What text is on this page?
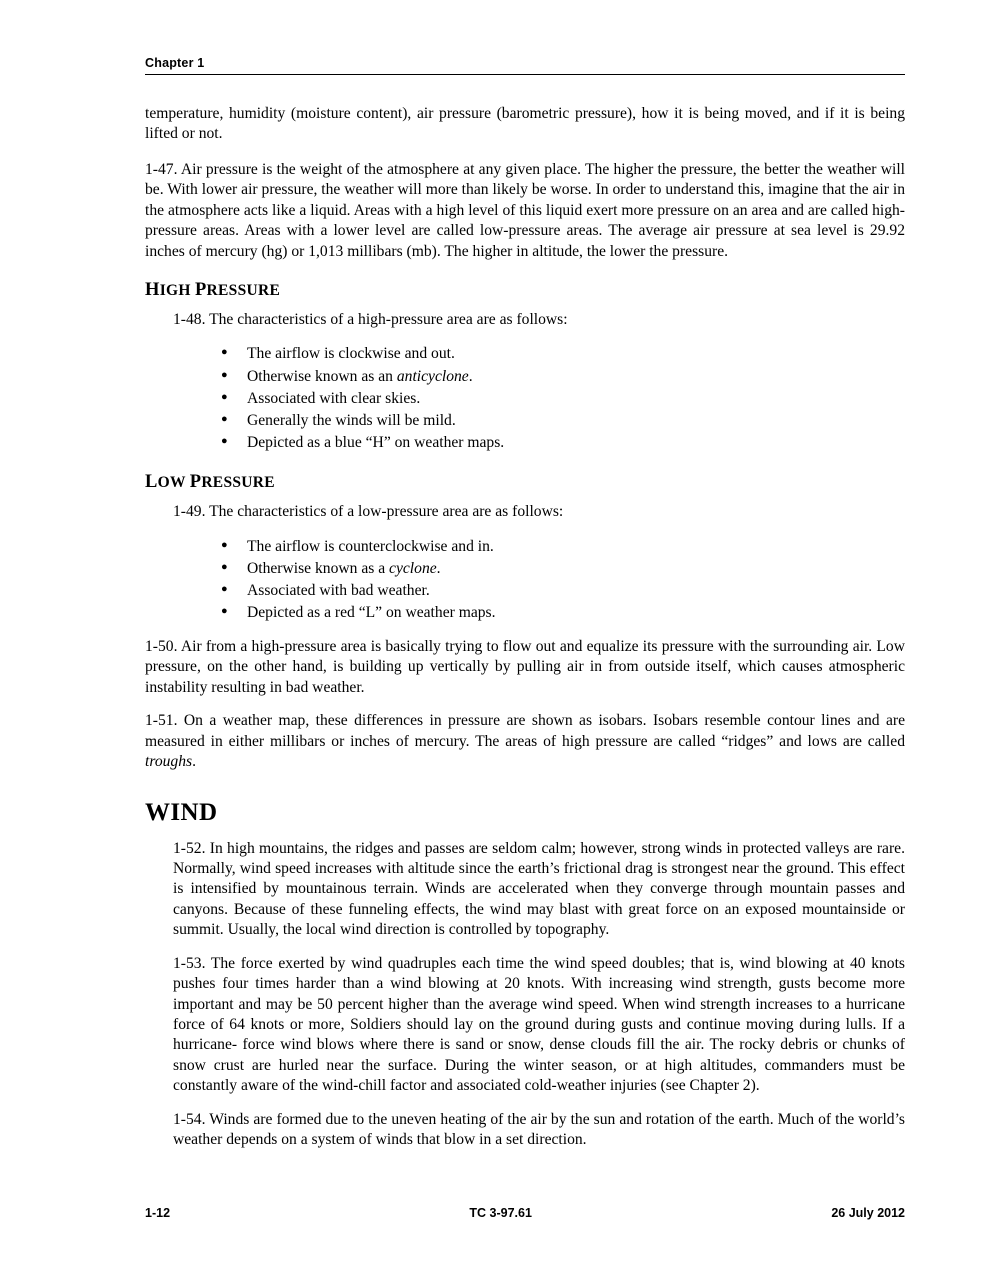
Chapter 1

temperature, humidity (moisture content), air pressure (barometric pressure), how it is being moved, and if it is being lifted or not.

1-47. Air pressure is the weight of the atmosphere at any given place. The higher the pressure, the better the weather will be. With lower air pressure, the weather will more than likely be worse. In order to understand this, imagine that the air in the atmosphere acts like a liquid. Areas with a high level of this liquid exert more pressure on an area and are called high-pressure areas. Areas with a lower level are called low-pressure areas. The average air pressure at sea level is 29.92 inches of mercury (hg) or 1,013 millibars (mb). The higher in altitude, the lower the pressure.

HIGH PRESSURE

1-48. The characteristics of a high-pressure area are as follows:

● The airflow is clockwise and out.
● Otherwise known as an anticyclone.
● Associated with clear skies.
● Generally the winds will be mild.
● Depicted as a blue “H” on weather maps.
LOW PRESSURE

1-49. The characteristics of a low-pressure area are as follows:

● The airflow is counterclockwise and in.
● Otherwise known as a cyclone.
● Associated with bad weather.
● Depicted as a red “L” on weather maps.

1-50. Air from a high-pressure area is basically trying to flow out and equalize its pressure with the surrounding air. Low pressure, on the other hand, is building up vertically by pulling air in from outside itself, which causes atmospheric instability resulting in bad weather.

1-51. On a weather map, these differences in pressure are shown as isobars. Isobars resemble contour lines and are measured in either millibars or inches of mercury. The areas of high pressure are called “ridges” and lows are called troughs.

WIND

1-52. In high mountains, the ridges and passes are seldom calm; however, strong winds in protected valleys are rare. Normally, wind speed increases with altitude since the earth’s frictional drag is strongest near the ground. This effect is intensified by mountainous terrain. Winds are accelerated when they converge through mountain passes and canyons. Because of these funneling effects, the wind may blast with great force on an exposed mountainside or summit. Usually, the local wind direction is controlled by topography.

1-53. The force exerted by wind quadruples each time the wind speed doubles; that is, wind blowing at 40 knots pushes four times harder than a wind blowing at 20 knots. With increasing wind strength, gusts become more important and may be 50 percent higher than the average wind speed. When wind strength increases to a hurricane force of 64 knots or more, Soldiers should lay on the ground during gusts and continue moving during lulls. If a hurricane- force wind blows where there is sand or snow, dense clouds fill the air. The rocky debris or chunks of snow crust are hurled near the surface. During the winter season, or at high altitudes, commanders must be constantly aware of the wind-chill factor and associated cold-weather injuries (see Chapter 2).

1-54. Winds are formed due to the uneven heating of the air by the sun and rotation of the earth. Much of the world’s weather depends on a system of winds that blow in a set direction.

1-12	TC 3-97.61	26 July 2012
